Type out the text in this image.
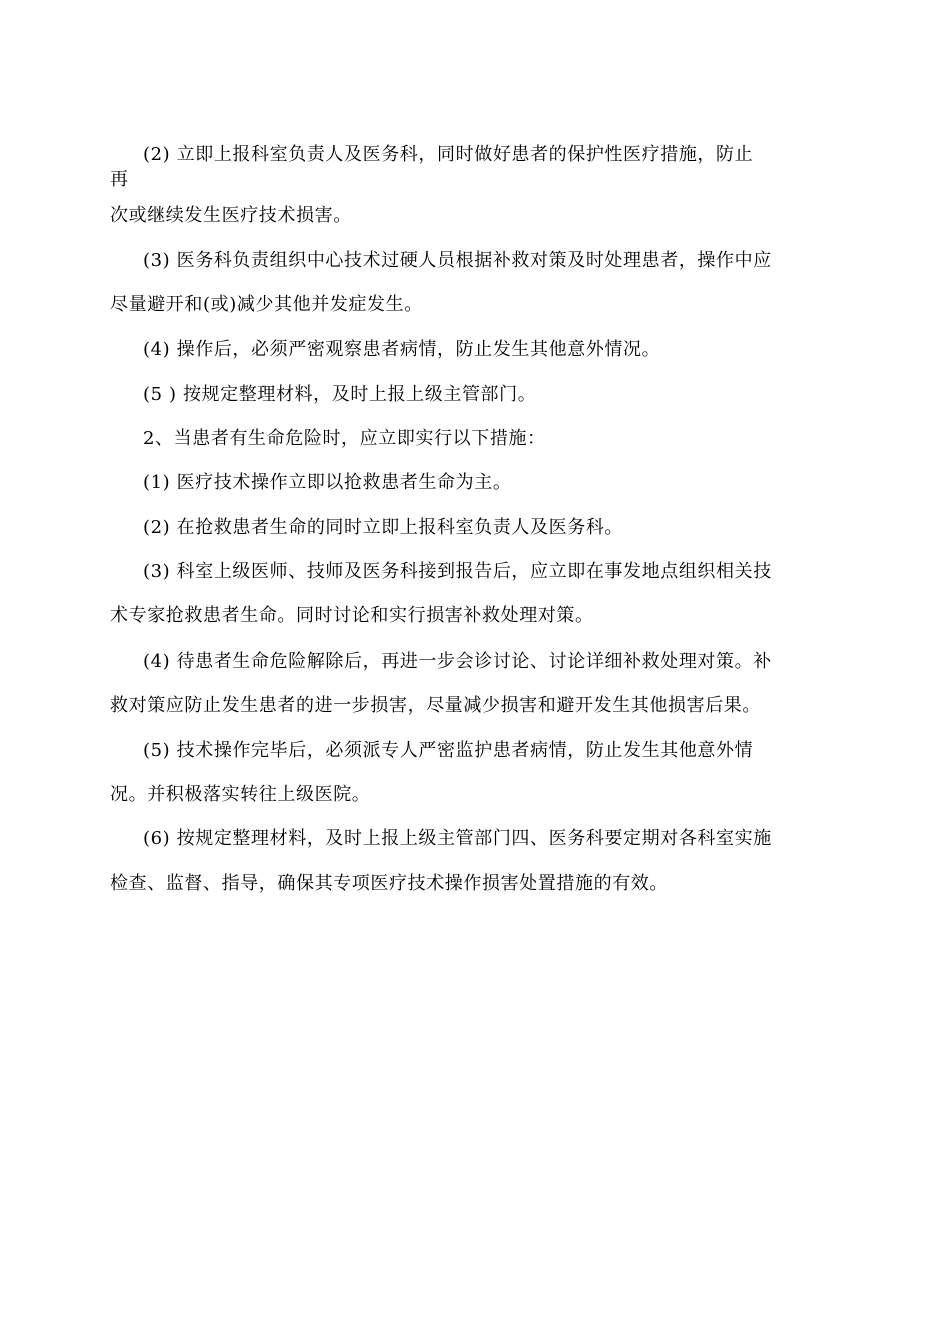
(2) 立即上报科室负责人及医务科，同时做好患者的保护性医疗措施，防止
再
次或继续发生医疗技术损害。
(3) 医务科负责组织中心技术过硬人员根据补救对策及时处理患者，操作中应
尽量避开和(或)减少其他并发症发生。
(4) 操作后，必须严密观察患者病情，防止发生其他意外情况。
(5 ) 按规定整理材料，及时上报上级主管部门。
2、当患者有生命危险时，应立即实行以下措施：
(1) 医疗技术操作立即以抢救患者生命为主。
(2) 在抢救患者生命的同时立即上报科室负责人及医务科。
(3) 科室上级医师、技师及医务科接到报告后，应立即在事发地点组织相关技
术专家抢救患者生命。同时讨论和实行损害补救处理对策。
(4) 待患者生命危险解除后，再进一步会诊讨论、讨论详细补救处理对策。补
救对策应防止发生患者的进一步损害，尽量减少损害和避开发生其他损害后果。
(5) 技术操作完毕后，必须派专人严密监护患者病情，防止发生其他意外情
况。并积极落实转往上级医院。
(6) 按规定整理材料，及时上报上级主管部门四、医务科要定期对各科室实施
检查、监督、指导，确保其专项医疗技术操作损害处置措施的有效。
